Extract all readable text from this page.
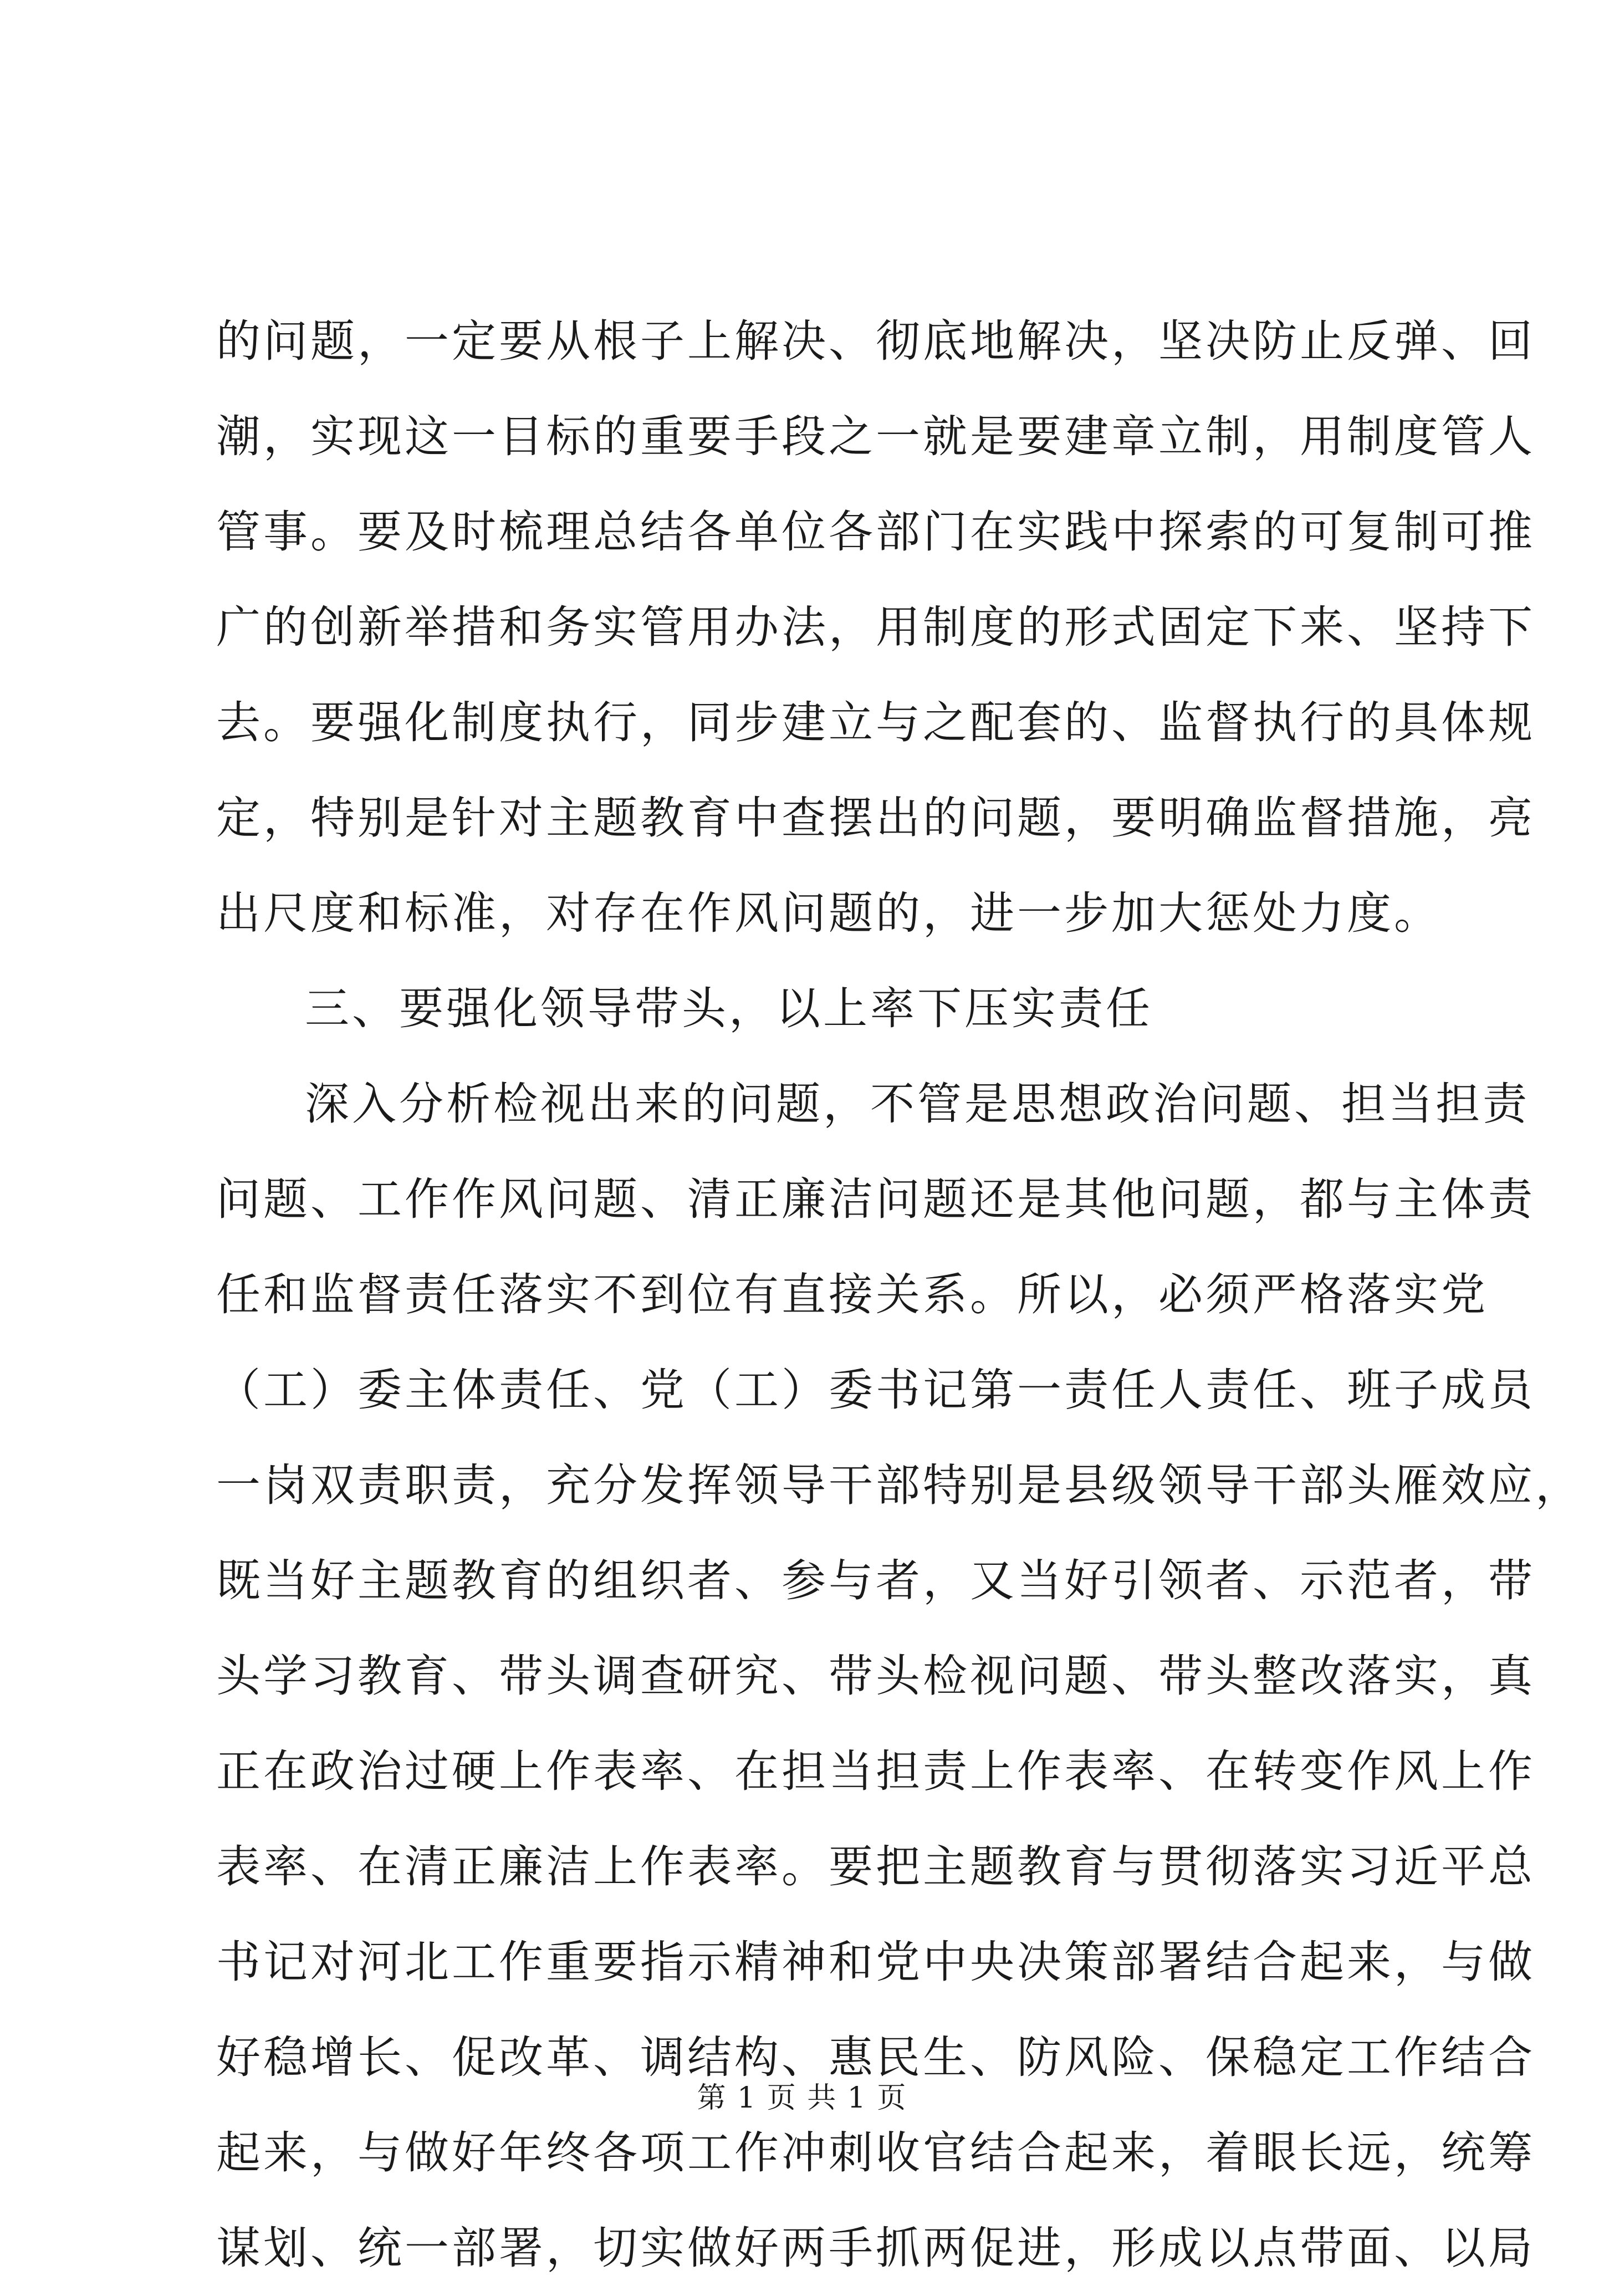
的问题，一定要从根子上解决、彻底地解决，坚决防止反弹、回
潮，实现这一目标的重要手段之一就是要建章立制，用制度管人
管事。要及时梳理总结各单位各部门在实践中探索的可复制可推
广的创新举措和务实管用办法，用制度的形式固定下来、坚持下
去。要强化制度执行，同步建立与之配套的、监督执行的具体规
定，特别是针对主题教育中查摆出的问题，要明确监督措施，亮
出尺度和标准，对存在作风问题的，进一步加大惩处力度。
三、要强化领导带头，以上率下压实责任
深入分析检视出来的问题，不管是思想政治问题、担当担责
问题、工作作风问题、清正廉洁问题还是其他问题，都与主体责
任和监督责任落实不到位有直接关系。所以，必须严格落实党
（工）委主体责任、党（工）委书记第一责任人责任、班子成员
一岗双责职责，充分发挥领导干部特别是县级领导干部头雁效应，
既当好主题教育的组织者、参与者，又当好引领者、示范者，带
头学习教育、带头调查研究、带头检视问题、带头整改落实，真
正在政治过硬上作表率、在担当担责上作表率、在转变作风上作
表率、在清正廉洁上作表率。要把主题教育与贯彻落实习近平总
书记对河北工作重要指示精神和党中央决策部署结合起来，与做
好稳增长、促改革、调结构、惠民生、防风险、保稳定工作结合
起来，与做好年终各项工作冲刺收官结合起来，着眼长远，统筹
谋划、统一部署，切实做好两手抓两促进，形成以点带面、以局
第 1 页 共 1 页
